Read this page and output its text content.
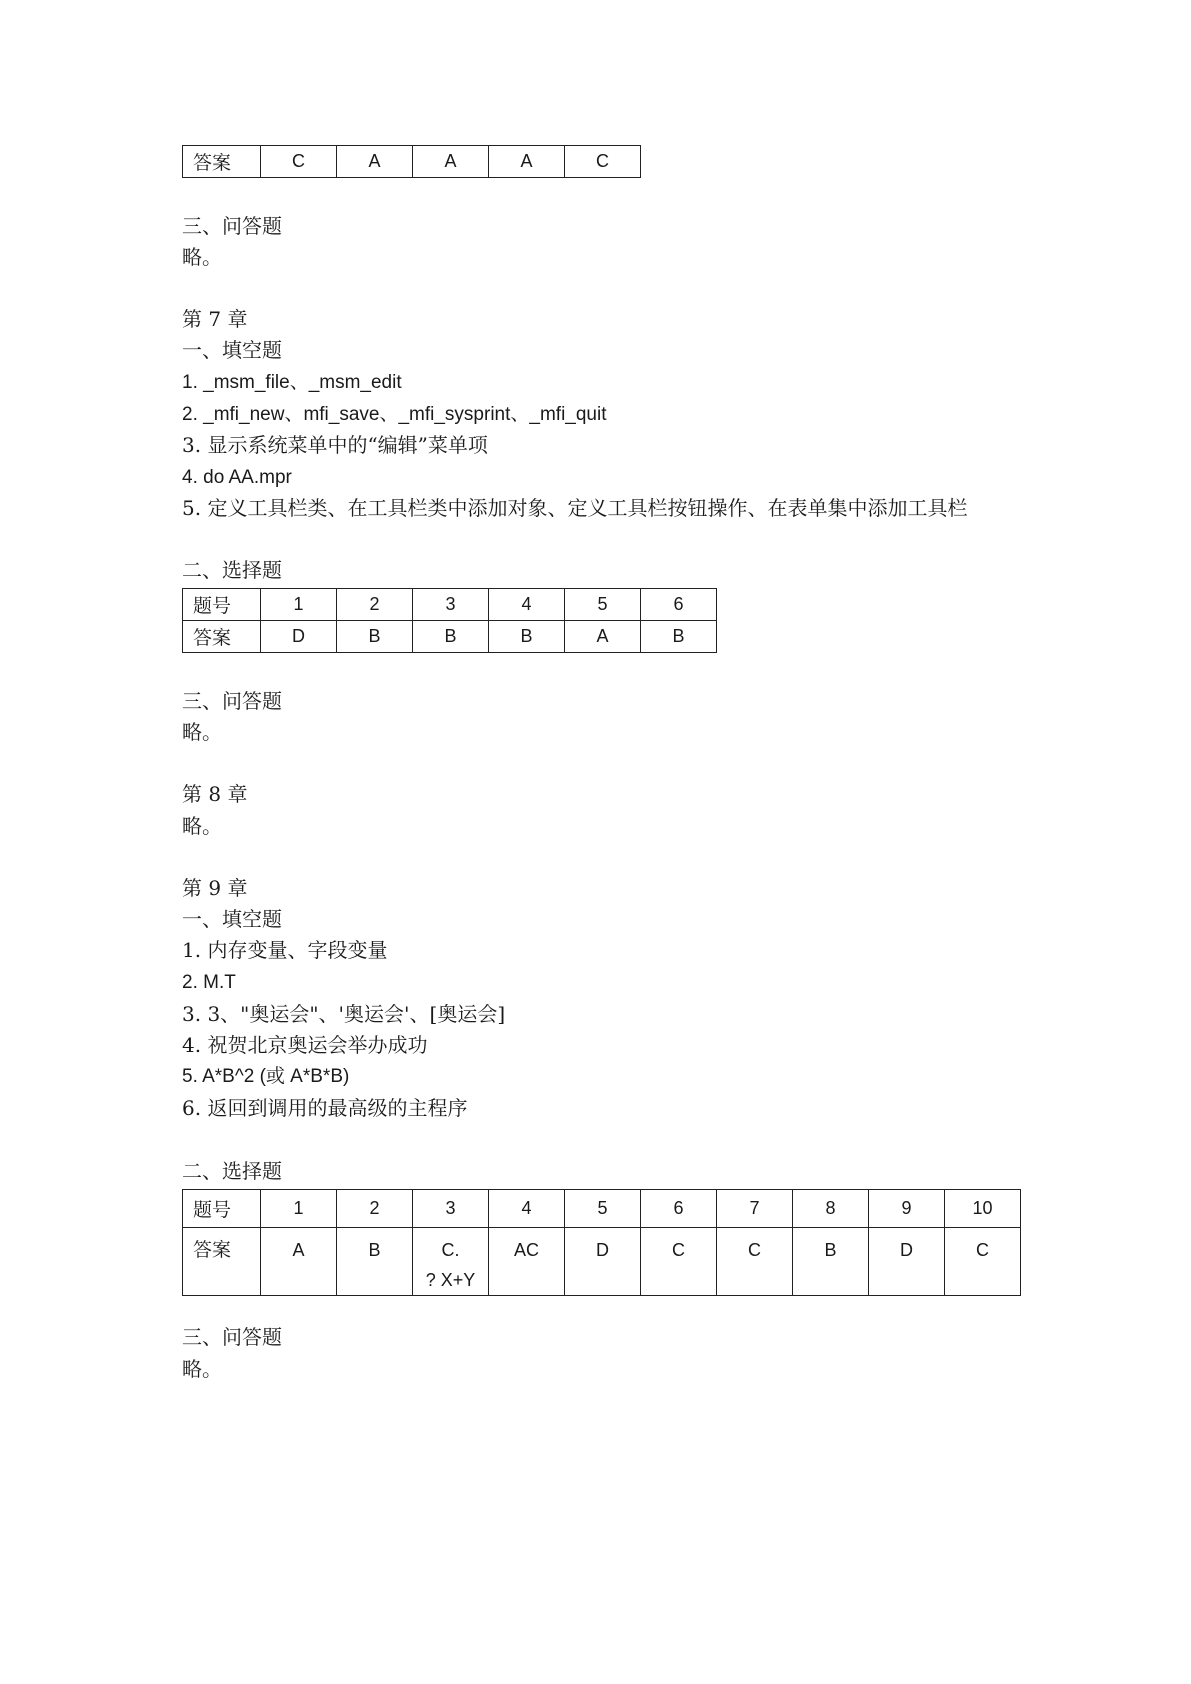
答案	C	A	A	A	C
三、问答题
略。
第 7 章
一、填空题
1. _msm_file、_msm_edit
2. _mfi_new、mfi_save、_mfi_sysprint、_mfi_quit
3. 显示系统菜单中的“编辑”菜单项
4. do AA.mpr
5. 定义工具栏类、在工具栏类中添加对象、定义工具栏按钮操作、在表单集中添加工具栏
二、选择题
题号	1	2	3	4	5	6
答案	D	B	B	B	A	B
三、问答题
略。
第 8 章
略。
第 9 章
一、填空题
1. 内存变量、字段变量
2. M.T
3. 3、"奥运会"、'奥运会'、[奥运会]
4. 祝贺北京奥运会举办成功
5. A*B^2 (或 A*B*B)
6. 返回到调用的最高级的主程序
二、选择题
题号	1	2	3	4	5	6	7	8	9	10
答案	A	B	C.
? X+Y	AC	D	C	C	B	D	C
三、问答题
略。
